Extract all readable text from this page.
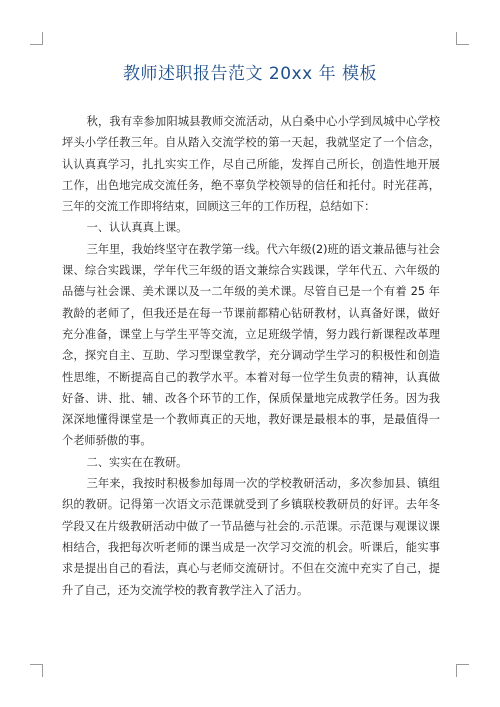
教师述职报告范文 20xx 年 模板

秋，我有幸参加阳城县教师交流活动，从白桑中心小学到凤城中心学校坪头小学任教三年。自从踏入交流学校的第一天起，我就坚定了一个信念，认认真真学习，扎扎实实工作，尽自己所能，发挥自己所长，创造性地开展工作，出色地完成交流任务，绝不辜负学校领导的信任和托付。时光荏苒，三年的交流工作即将结束，回顾这三年的工作历程，总结如下：

一、认认真真上课。

三年里，我始终坚守在教学第一线。代六年级(2)班的语文兼品德与社会课、综合实践课，学年代三年级的语文兼综合实践课，学年代五、六年级的品德与社会课、美术课以及一二年级的美术课。尽管自已是一个有着 25 年教龄的老师了，但我还是在每一节课前都精心钻研教材，认真备好课，做好充分准备，课堂上与学生平等交流，立足班级学情，努力践行新课程改革理念，探究自主、互助、学习型课堂教学，充分调动学生学习的积极性和创造性思维，不断提高自己的教学水平。本着对每一位学生负责的精神，认真做好备、讲、批、辅、改各个环节的工作，保质保量地完成教学任务。因为我深深地懂得课堂是一个教师真正的天地，教好课是最根本的事，是最值得一个老师骄傲的事。

二、实实在在教研。

三年来，我按时积极参加每周一次的学校教研活动，多次参加县、镇组织的教研。记得第一次语文示范课就受到了乡镇联校教研员的好评。去年冬学段又在片级教研活动中做了一节品德与社会的.示范课。示范课与观课议课相结合，我把每次听老师的课当成是一次学习交流的机会。听课后，能实事求是提出自己的看法，真心与老师交流研讨。不但在交流中充实了自己，提升了自己，还为交流学校的教育教学注入了活力。
